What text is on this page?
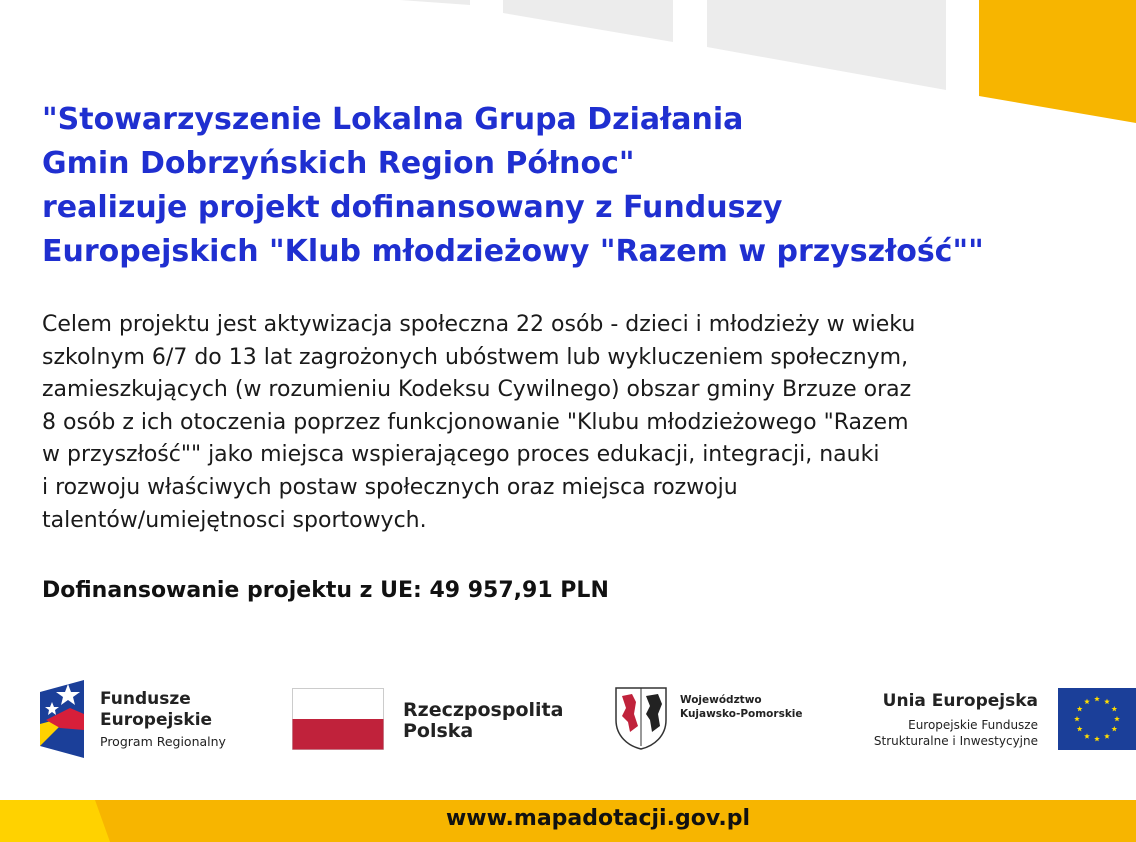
"Stowarzyszenie Lokalna Grupa Działania
Gmin Dobrzyńskich Region Północ"
realizuje projekt dofinansowany z Funduszy
Europejskich "Klub młodzieżowy "Razem w przyszłość""

Celem projektu jest aktywizacja społeczna 22 osób - dzieci i młodzieży w wieku
szkolnym 6/7 do 13 lat zagrożonych ubóstwem lub wykluczeniem społecznym,
zamieszkujących (w rozumieniu Kodeksu Cywilnego) obszar gminy Brzuze oraz
8 osób z ich otoczenia poprzez funkcjonowanie "Klubu młodzieżowego "Razem
w przyszłość"" jako miejsca wspierającego proces edukacji, integracji, nauki
i rozwoju właściwych postaw społecznych oraz miejsca rozwoju
talentów/umiejętnosci sportowych.

Dofinansowanie projektu z UE: 49 957,91 PLN

Fundusze
Europejskie
Program Regionalny
Rzeczpospolita
Polska
Województwo
Kujawsko-Pomorskie
Unia Europejska
Europejskie Fundusze
Strukturalne i Inwestycyjne
www.mapadotacji.gov.pl
